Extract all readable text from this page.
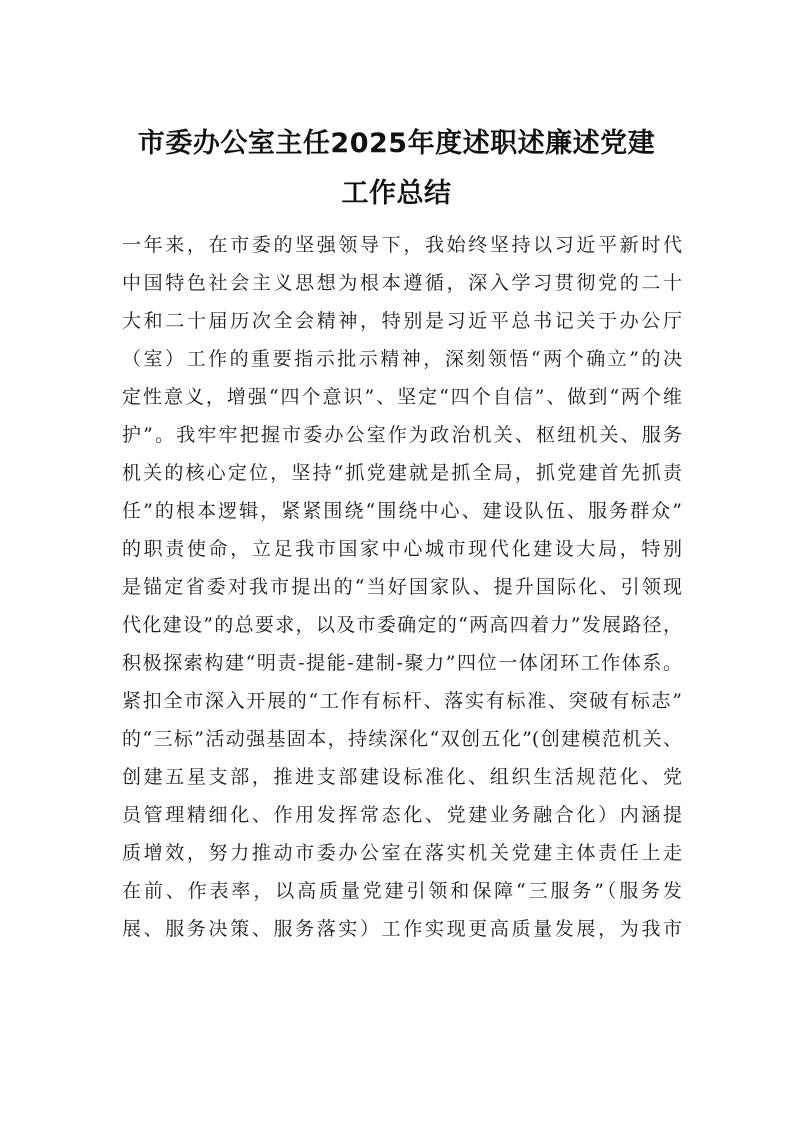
市委办公室主任2025年度述职述廉述党建
工作总结
一年来，在市委的坚强领导下，我始终坚持以习近平新时代
中国特色社会主义思想为根本遵循，深入学习贯彻党的二十
大和二十届历次全会精神，特别是习近平总书记关于办公厅
（室）工作的重要指示批示精神，深刻领悟“两个确立”的决
定性意义，增强“四个意识”、坚定“四个自信”、做到“两个维
护”。我牢牢把握市委办公室作为政治机关、枢纽机关、服务
机关的核心定位，坚持“抓党建就是抓全局，抓党建首先抓责
任”的根本逻辑，紧紧围绕“围绕中心、建设队伍、服务群众”
的职责使命，立足我市国家中心城市现代化建设大局，特别
是锚定省委对我市提出的“当好国家队、提升国际化、引领现
代化建设”的总要求，以及市委确定的“两高四着力”发展路径，
积极探索构建“明责-提能-建制-聚力”四位一体闭环工作体系。
紧扣全市深入开展的“工作有标杆、落实有标准、突破有标志”
的“三标”活动强基固本，持续深化“双创五化”(创建模范机关、
创建五星支部，推进支部建设标准化、组织生活规范化、党
员管理精细化、作用发挥常态化、党建业务融合化）内涵提
质增效，努力推动市委办公室在落实机关党建主体责任上走
在前、作表率，以高质量党建引领和保障“三服务”（服务发
展、服务决策、服务落实）工作实现更高质量发展，为我市
